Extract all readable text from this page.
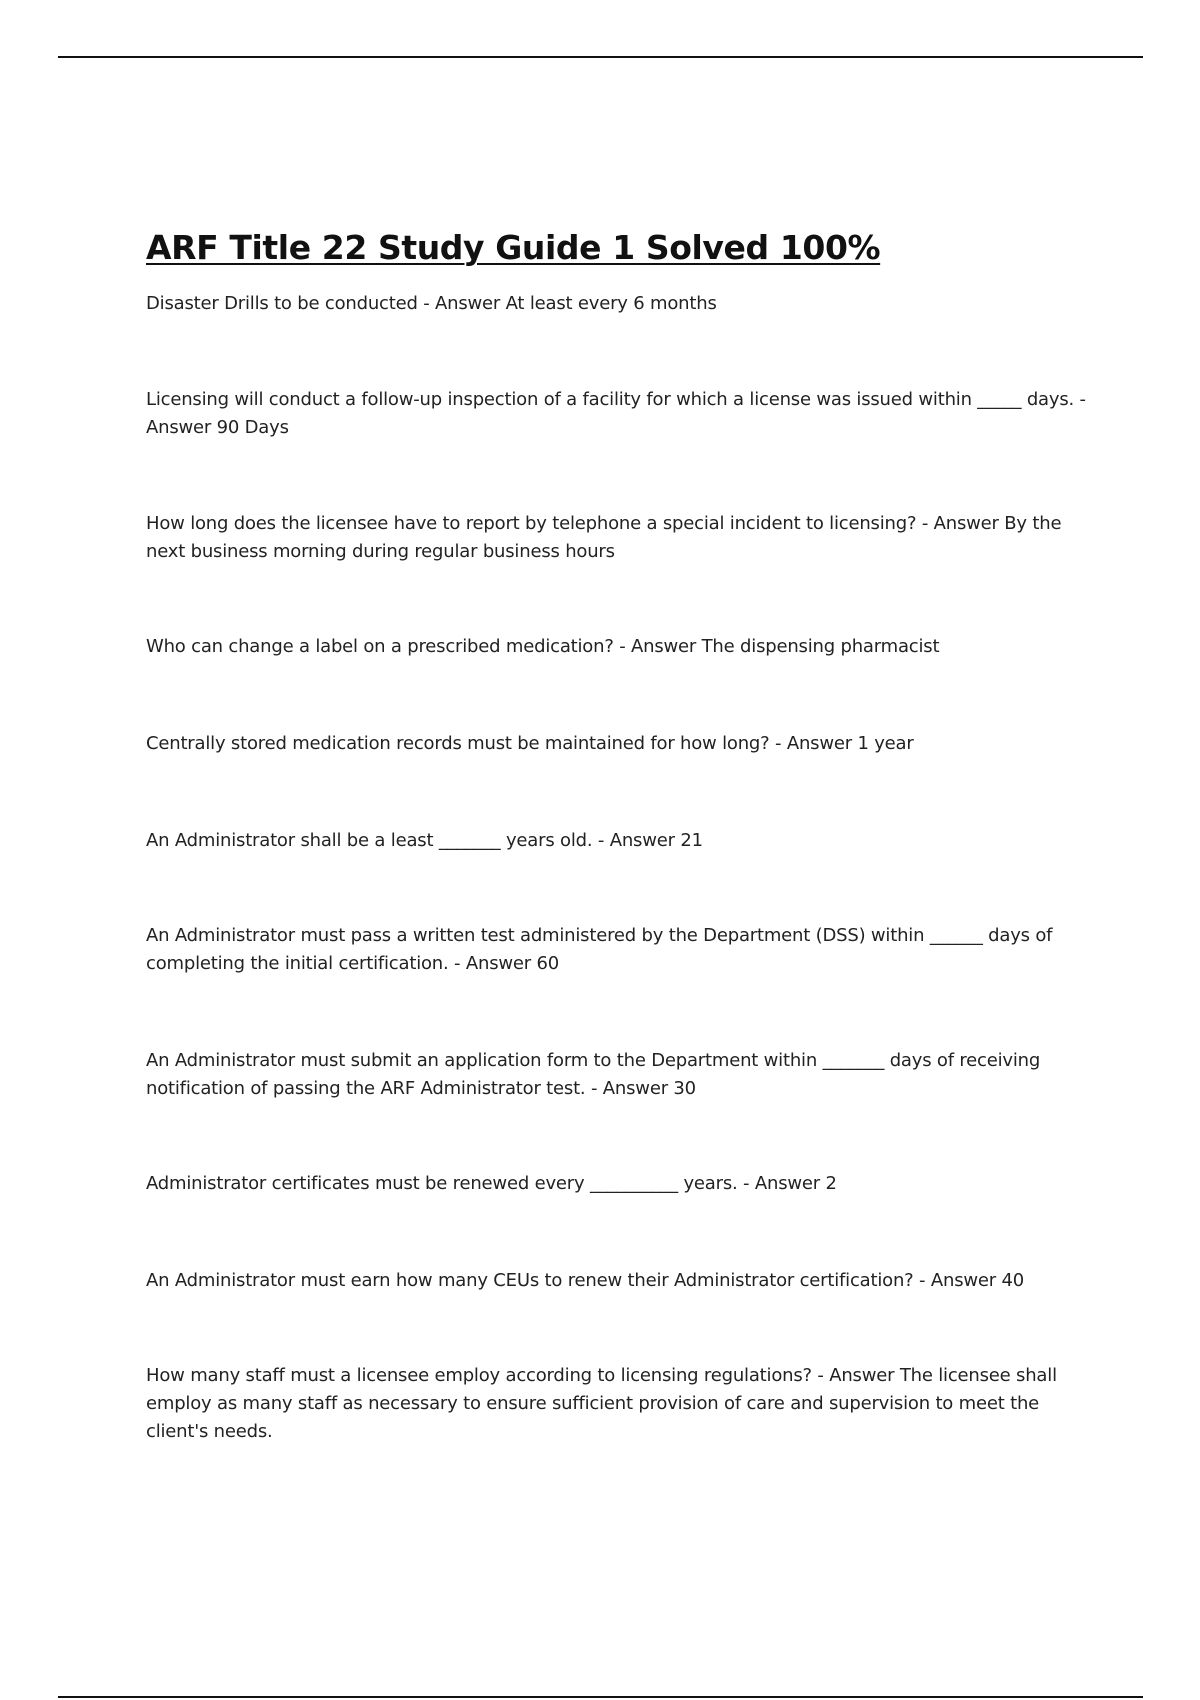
ARF Title 22 Study Guide 1 Solved 100%

Disaster Drills to be conducted - Answer At least every 6 months

Licensing will conduct a follow-up inspection of a facility for which a license was issued within _____ days. - Answer 90 Days

How long does the licensee have to report by telephone a special incident to licensing? - Answer By the next business morning during regular business hours

Who can change a label on a prescribed medication? - Answer The dispensing pharmacist

Centrally stored medication records must be maintained for how long? - Answer 1 year

An Administrator shall be a least _______ years old. - Answer 21

An Administrator must pass a written test administered by the Department (DSS) within ______ days of completing the initial certification. - Answer 60

An Administrator must submit an application form to the Department within _______ days of receiving notification of passing the ARF Administrator test. - Answer 30

Administrator certificates must be renewed every __________ years. - Answer 2

An Administrator must earn how many CEUs to renew their Administrator certification? - Answer 40

How many staff must a licensee employ according to licensing regulations? - Answer The licensee shall employ as many staff as necessary to ensure sufficient provision of care and supervision to meet the client's needs.
